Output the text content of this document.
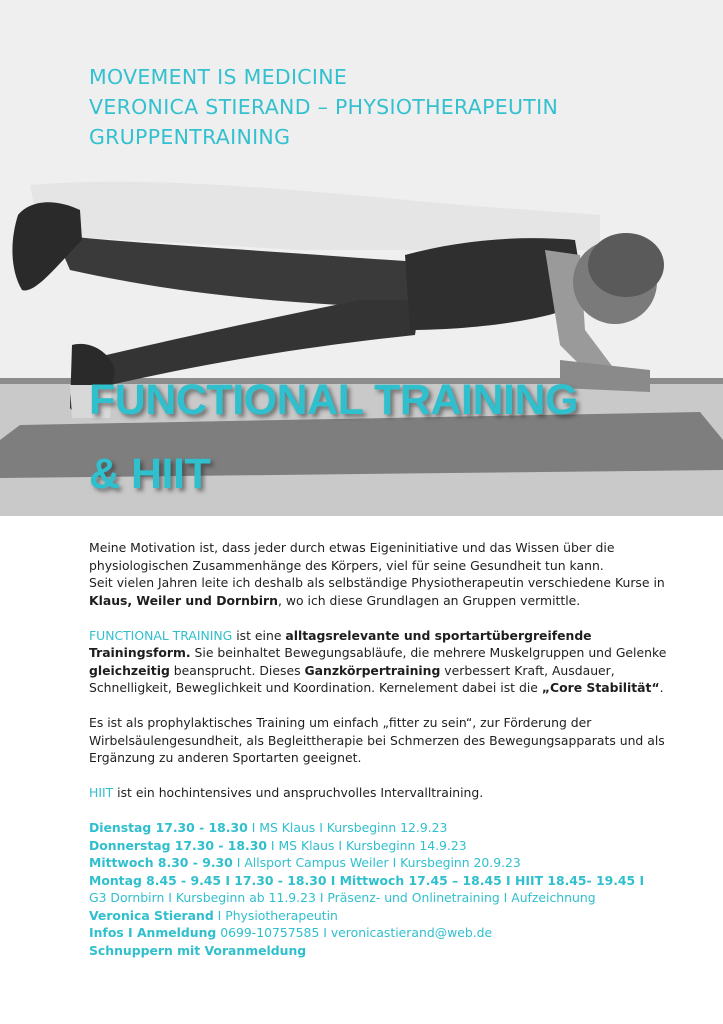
MOVEMENT IS MEDICINE
VERONICA STIERAND – PHYSIOTHERAPEUTIN
GRUPPENTRAINING
FUNCTIONAL TRAINING
& HIIT

Meine Motivation ist, dass jeder durch etwas Eigeninitiative und das Wissen über die physiologischen Zusammenhänge des Körpers, viel für seine Gesundheit tun kann.
Seit vielen Jahren leite ich deshalb als selbständige Physiotherapeutin verschiedene Kurse in Klaus, Weiler und Dornbirn, wo ich diese Grundlagen an Gruppen vermittle.

FUNCTIONAL TRAINING ist eine alltagsrelevante und sportartübergreifende Trainingsform. Sie beinhaltet Bewegungsabläufe, die mehrere Muskelgruppen und Gelenke gleichzeitig beansprucht. Dieses Ganzkörpertraining verbessert Kraft, Ausdauer, Schnelligkeit, Beweglichkeit und Koordination. Kernelement dabei ist die „Core Stabilität“.

Es ist als prophylaktisches Training um einfach „fitter zu sein“, zur Förderung der Wirbelsäulengesundheit, als Begleittherapie bei Schmerzen des Bewegungsapparats und als Ergänzung zu anderen Sportarten geeignet.

HIIT ist ein hochintensives und anspruchvolles Intervalltraining.

Dienstag 17.30 - 18.30 I MS Klaus I Kursbeginn 12.9.23
Donnerstag 17.30 - 18.30 I MS Klaus I Kursbeginn 14.9.23
Mittwoch 8.30 - 9.30 I Allsport Campus Weiler I Kursbeginn 20.9.23
Montag 8.45 - 9.45 I 17.30 - 18.30 I Mittwoch 17.45 – 18.45 I HIIT 18.45- 19.45 I
G3 Dornbirn I Kursbeginn ab 11.9.23 I Präsenz- und Onlinetraining I Aufzeichnung
Veronica Stierand I Physiotherapeutin
Infos I Anmeldung 0699-10757585 I veronicastierand@web.de
Schnuppern mit Voranmeldung
